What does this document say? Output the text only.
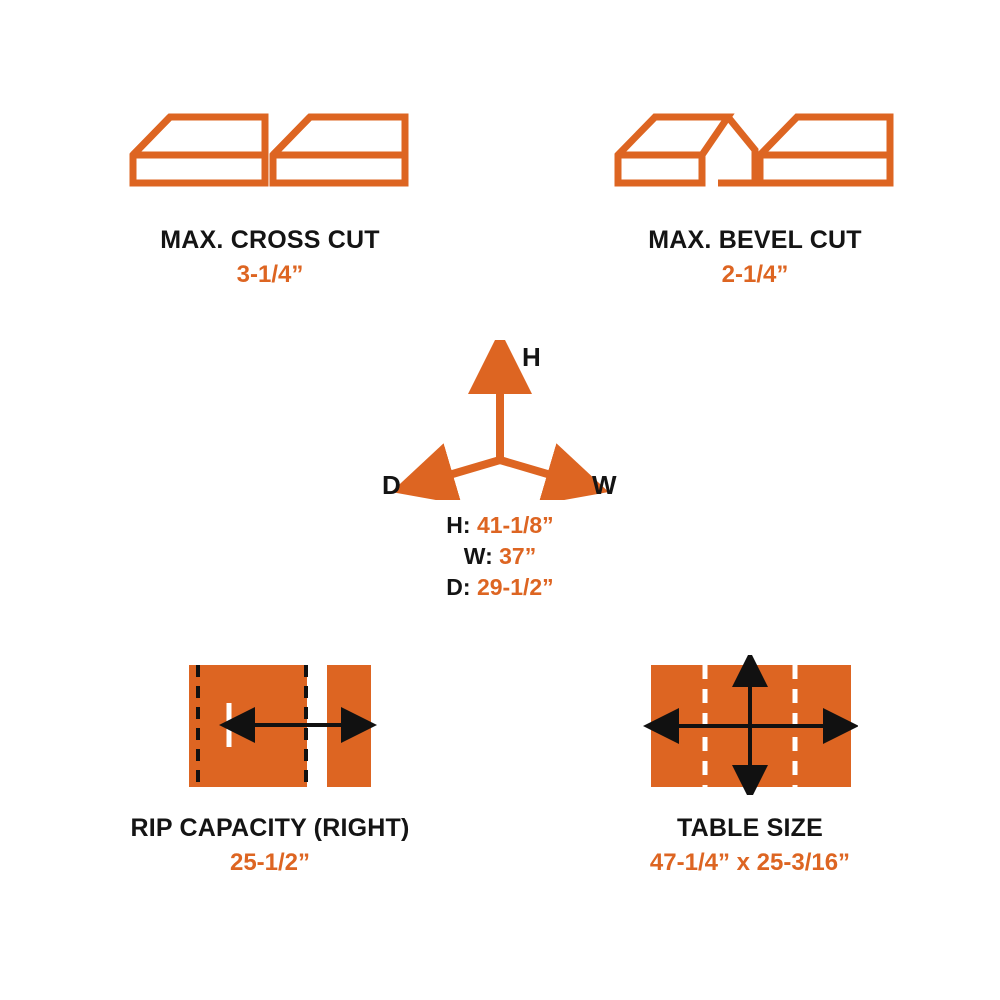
MAX. CROSS CUT
3-1/4”
MAX. BEVEL CUT
2-1/4”
H
W
D
H: 41-1/8”
W: 37”
D: 29-1/2”
RIP CAPACITY (RIGHT)
25-1/2”
TABLE SIZE
47-1/4” x 25-3/16”
